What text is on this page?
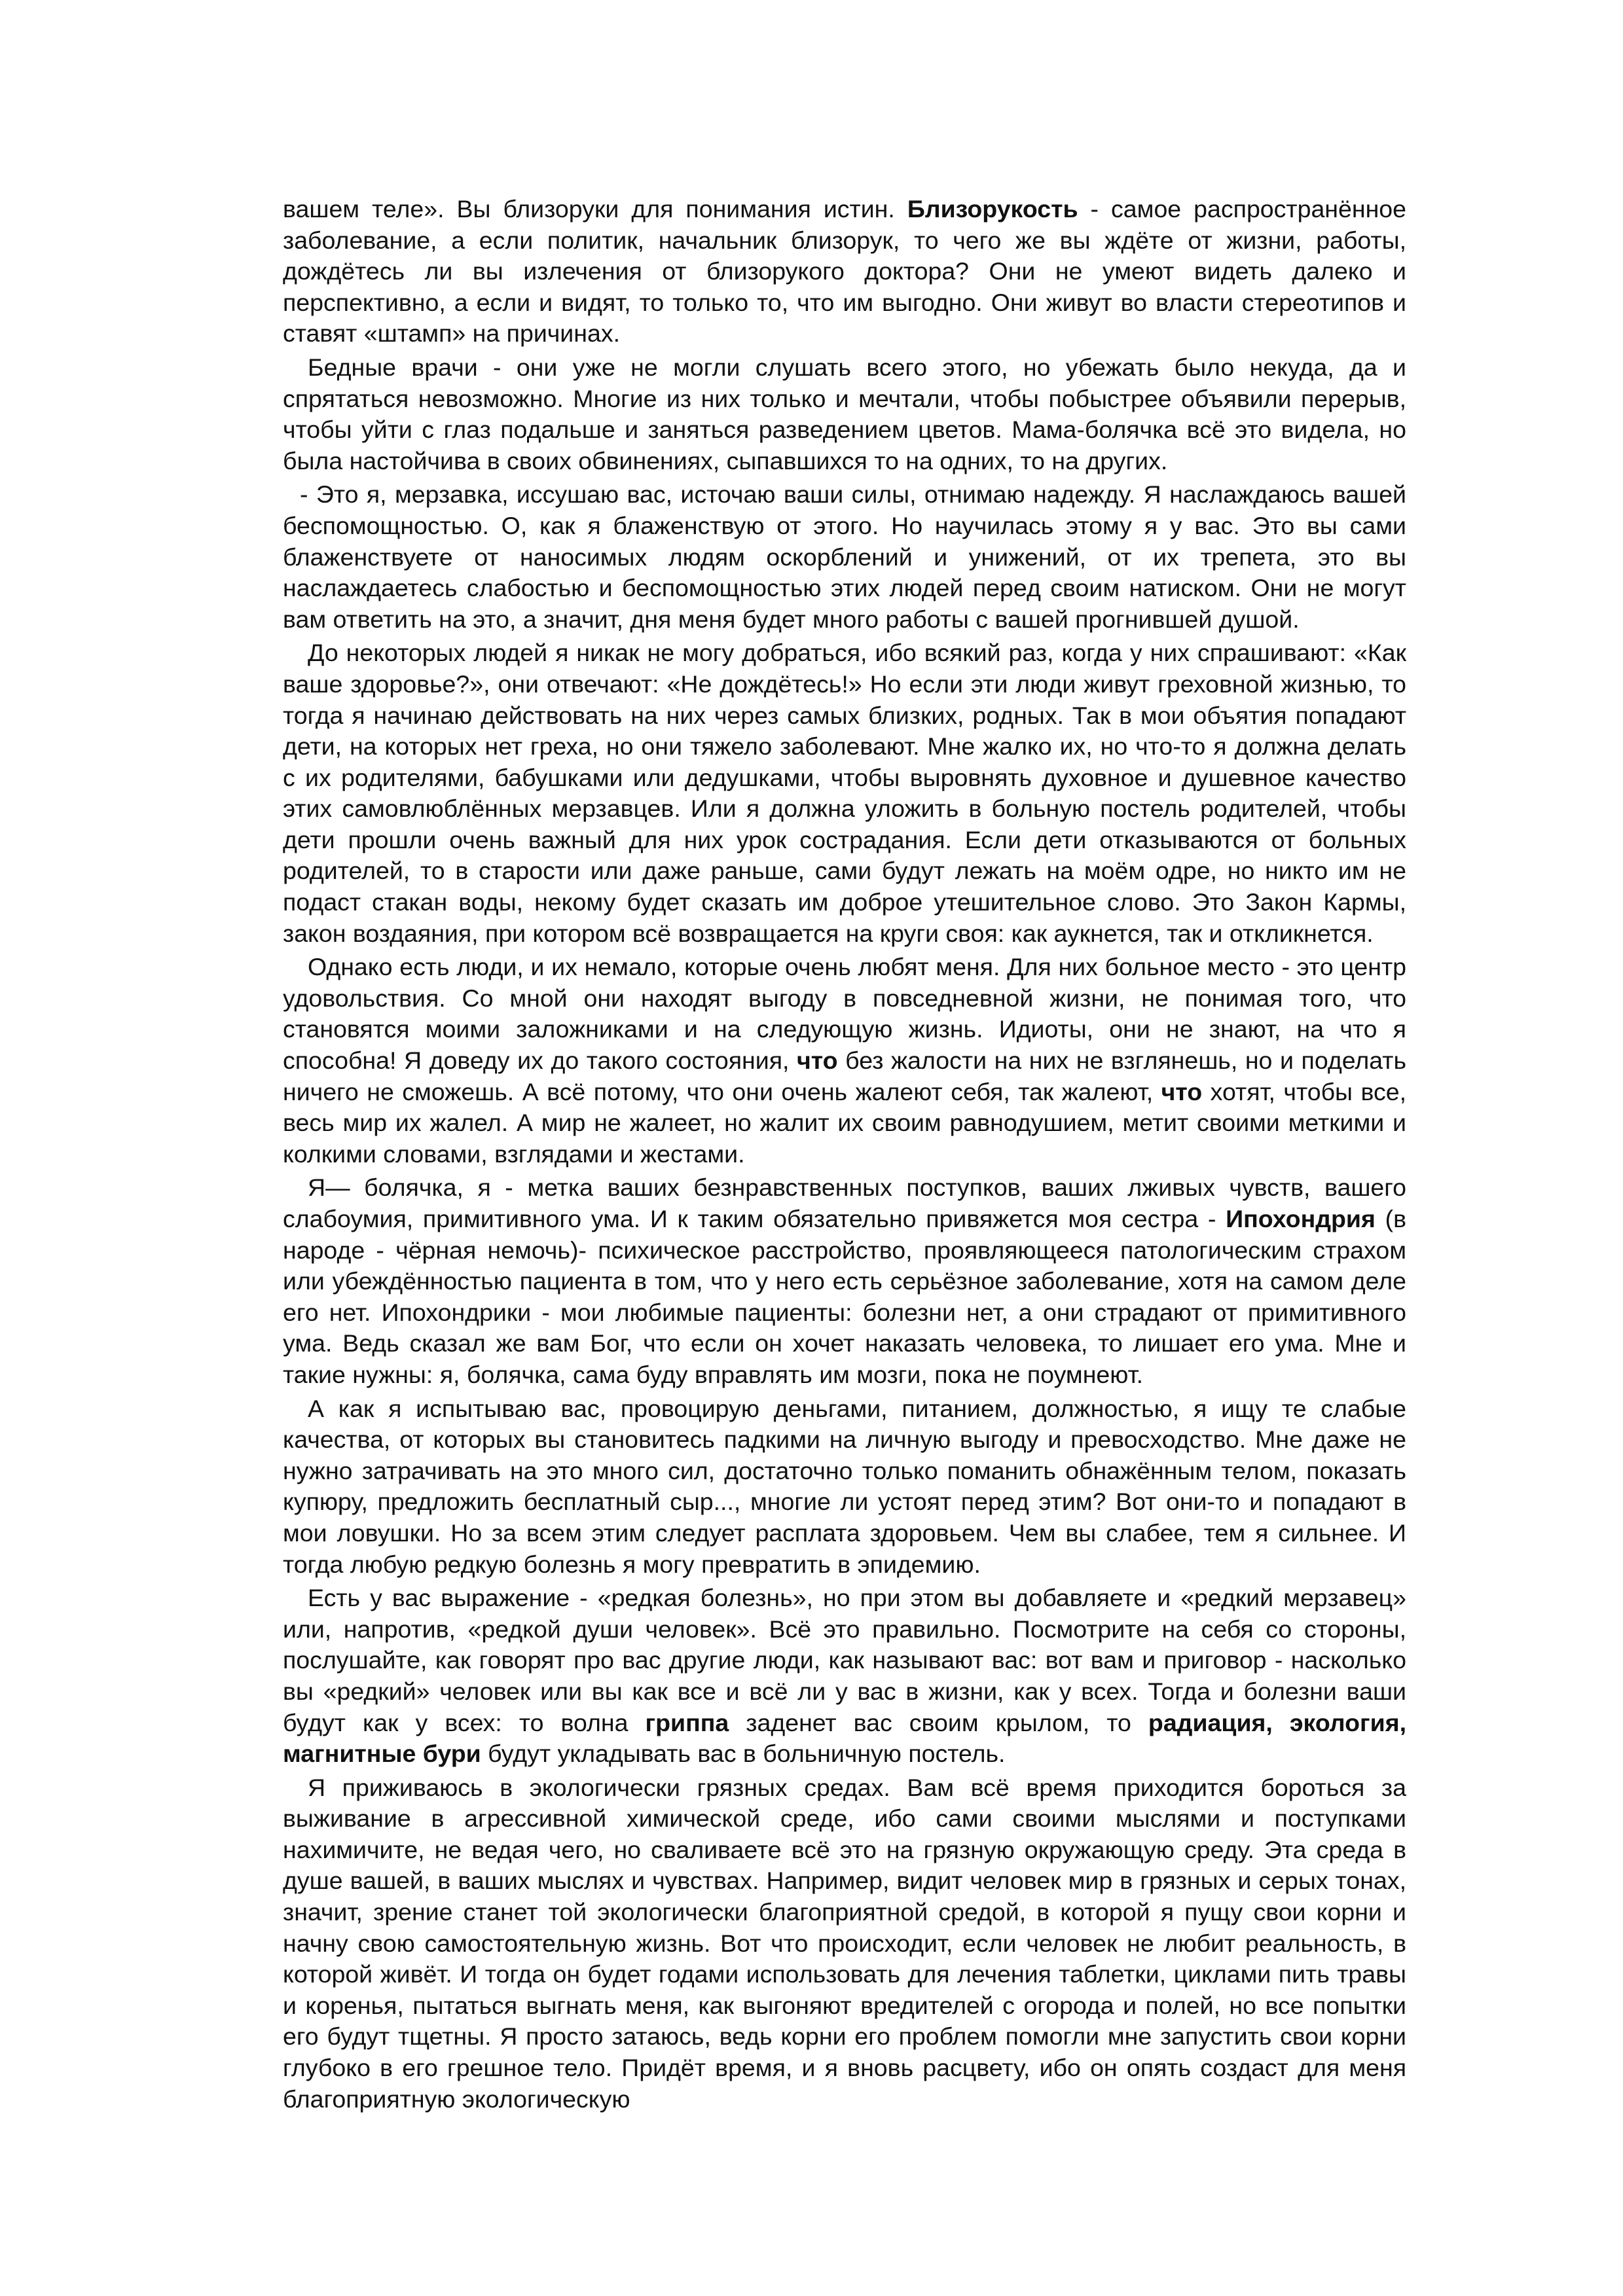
вашем теле». Вы близоруки для понимания истин. Близорукость - самое распространённое заболевание, а если политик, начальник близорук, то чего же вы ждёте от жизни, работы, дождётесь ли вы излечения от близорукого доктора? Они не умеют видеть далеко и перспективно, а если и видят, то только то, что им выгодно. Они живут во власти стереотипов и ставят «штамп» на причинах.

Бедные врачи - они уже не могли слушать всего этого, но убежать было некуда, да и спрятаться невозможно. Многие из них только и мечтали, чтобы побыстрее объявили перерыв, чтобы уйти с глаз подальше и заняться разведением цветов. Мама-болячка всё это видела, но была настойчива в своих обвинениях, сыпавшихся то на одних, то на других.

- Это я, мерзавка, иссушаю вас, источаю ваши силы, отнимаю надежду. Я наслаждаюсь вашей беспомощностью. О, как я блаженствую от этого. Но научилась этому я у вас. Это вы сами блаженствуете от наносимых людям оскорблений и унижений, от их трепета, это вы наслаждаетесь слабостью и беспомощностью этих людей перед своим натиском. Они не могут вам ответить на это, а значит, дня меня будет много работы с вашей прогнившей душой.

До некоторых людей я никак не могу добраться, ибо всякий раз, когда у них спрашивают: «Как ваше здоровье?», они отвечают: «Не дождётесь!» Но если эти люди живут греховной жизнью, то тогда я начинаю действовать на них через самых близких, родных. Так в мои объятия попадают дети, на которых нет греха, но они тяжело заболевают. Мне жалко их, но что-то я должна делать с их родителями, бабушками или дедушками, чтобы выровнять духовное и душевное качество этих самовлюблённых мерзавцев. Или я должна уложить в больную постель родителей, чтобы дети прошли очень важный для них урок сострадания. Если дети отказываются от больных родителей, то в старости или даже раньше, сами будут лежать на моём одре, но никто им не подаст стакан воды, некому будет сказать им доброе утешительное слово. Это Закон Кармы, закон воздаяния, при котором всё возвращается на круги своя: как аукнется, так и откликнется.

Однако есть люди, и их немало, которые очень любят меня. Для них больное место - это центр удовольствия. Со мной они находят выгоду в повседневной жизни, не понимая того, что становятся моими заложниками и на следующую жизнь. Идиоты, они не знают, на что я способна! Я доведу их до такого состояния, что без жалости на них не взглянешь, но и поделать ничего не сможешь. А всё потому, что они очень жалеют себя, так жалеют, что хотят, чтобы все, весь мир их жалел. А мир не жалеет, но жалит их своим равнодушием, метит своими меткими и колкими словами, взглядами и жестами.

Я— болячка, я - метка ваших безнравственных поступков, ваших лживых чувств, вашего слабоумия, примитивного ума. И к таким обязательно привяжется моя сестра - Ипохондрия (в народе - чёрная немочь)- психическое расстройство, проявляющееся патологическим страхом или убеждённостью пациента в том, что у него есть серьёзное заболевание, хотя на самом деле его нет. Ипохондрики - мои любимые пациенты: болезни нет, а они страдают от примитивного ума. Ведь сказал же вам Бог, что если он хочет наказать человека, то лишает его ума. Мне и такие нужны: я, болячка, сама буду вправлять им мозги, пока не поумнеют.

А как я испытываю вас, провоцирую деньгами, питанием, должностью, я ищу те слабые качества, от которых вы становитесь падкими на личную выгоду и превосходство. Мне даже не нужно затрачивать на это много сил, достаточно только поманить обнажённым телом, показать купюру, предложить бесплатный сыр..., многие ли устоят перед этим? Вот они-то и попадают в мои ловушки. Но за всем этим следует расплата здоровьем. Чем вы слабее, тем я сильнее. И тогда любую редкую болезнь я могу превратить в эпидемию.

Есть у вас выражение - «редкая болезнь», но при этом вы добавляете и «редкий мерзавец» или, напротив, «редкой души человек». Всё это правильно. Посмотрите на себя со стороны, послушайте, как говорят про вас другие люди, как называют вас: вот вам и приговор - насколько вы «редкий» человек или вы как все и всё ли у вас в жизни, как у всех. Тогда и болезни ваши будут как у всех: то волна гриппа заденет вас своим крылом, то радиация, экология, магнитные бури будут укладывать вас в больничную постель.

Я приживаюсь в экологически грязных средах. Вам всё время приходится бороться за выживание в агрессивной химической среде, ибо сами своими мыслями и поступками нахимичите, не ведая чего, но сваливаете всё это на грязную окружающую среду. Эта среда в душе вашей, в ваших мыслях и чувствах. Например, видит человек мир в грязных и серых тонах, значит, зрение станет той экологически благоприятной средой, в которой я пущу свои корни и начну свою самостоятельную жизнь. Вот что происходит, если человек не любит реальность, в которой живёт. И тогда он будет годами использовать для лечения таблетки, циклами пить травы и коренья, пытаться выгнать меня, как выгоняют вредителей с огорода и полей, но все попытки его будут тщетны. Я просто затаюсь, ведь корни его проблем помогли мне запустить свои корни глубоко в его грешное тело. Придёт время, и я вновь расцвету, ибо он опять создаст для меня благоприятную экологическую
